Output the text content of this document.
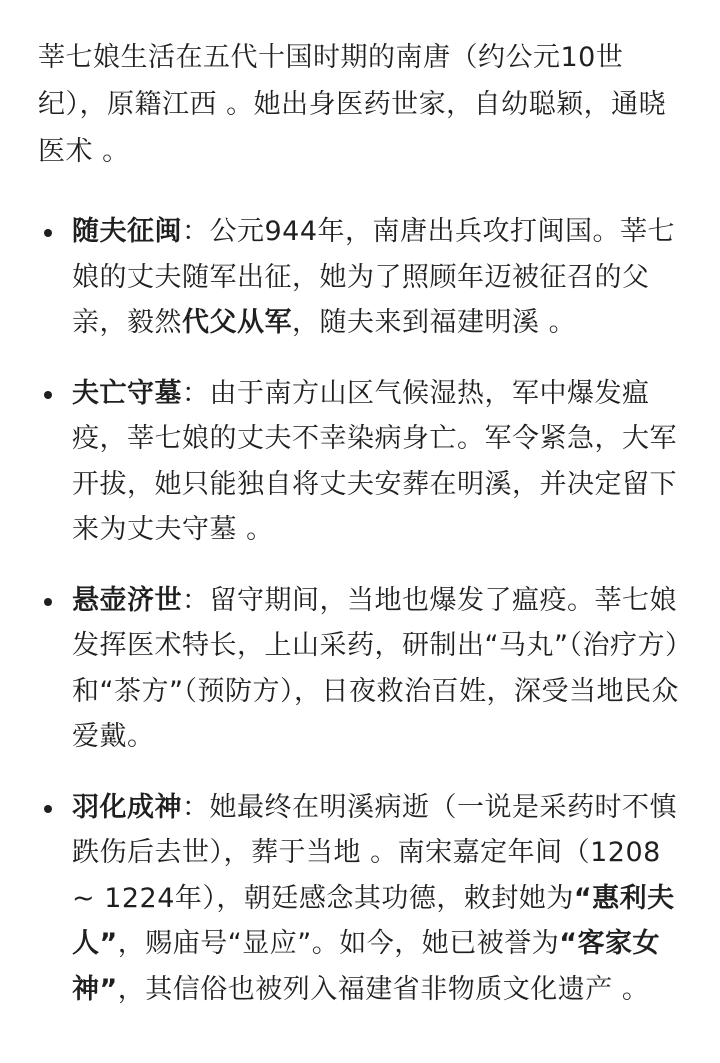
莘七娘生活在五代十国时期的南唐（约公元10世纪），原籍江西 。她出身医药世家，自幼聪颖，通晓医术 。

随夫征闽：公元944年，南唐出兵攻打闽国。莘七娘的丈夫随军出征，她为了照顾年迈被征召的父亲，毅然代父从军，随夫来到福建明溪 。
夫亡守墓：由于南方山区气候湿热，军中爆发瘟疫，莘七娘的丈夫不幸染病身亡。军令紧急，大军开拔，她只能独自将丈夫安葬在明溪，并决定留下来为丈夫守墓 。
悬壶济世：留守期间，当地也爆发了瘟疫。莘七娘发挥医术特长，上山采药，研制出“马丸”（治疗方）和“茶方”（预防方），日夜救治百姓，深受当地民众爱戴。
羽化成神：她最终在明溪病逝（一说是采药时不慎跌伤后去世），葬于当地 。南宋嘉定年间（1208 ~ 1224年），朝廷感念其功德，敕封她为“惠利夫人”，赐庙号“显应”。如今，她已被誉为“客家女神”，其信俗也被列入福建省非物质文化遗产 。
